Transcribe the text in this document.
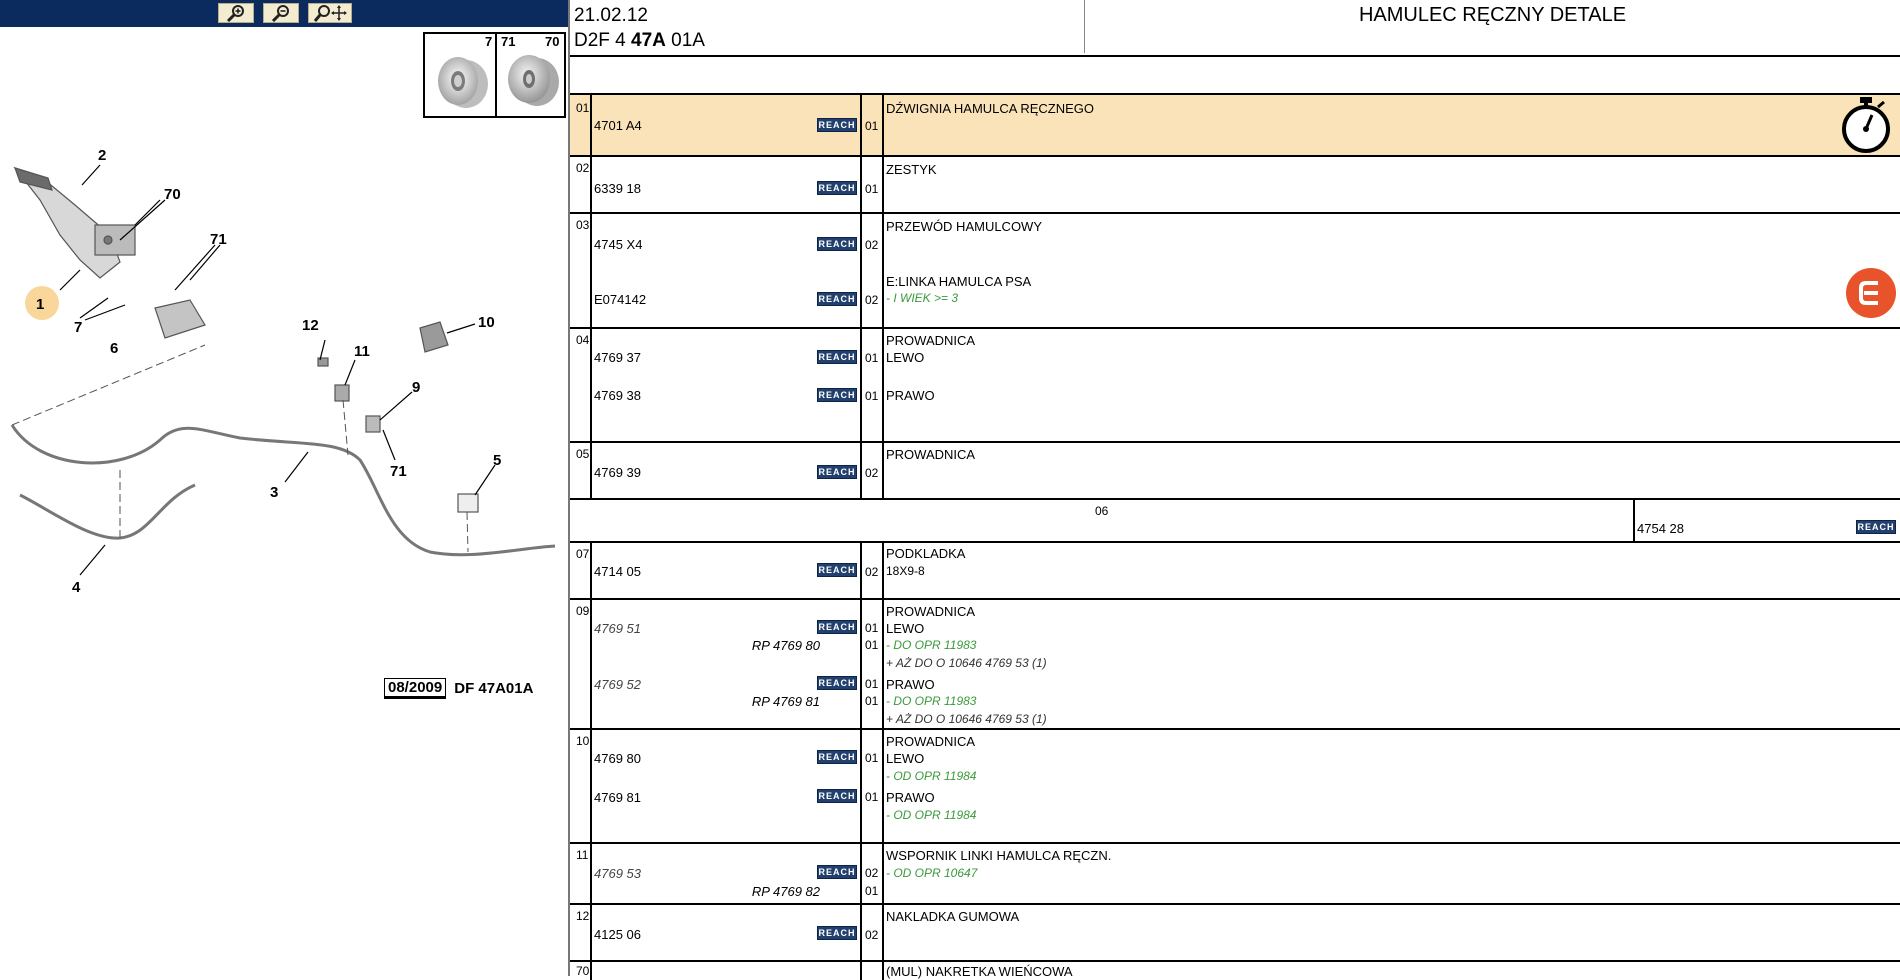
7 71 70
1
2
3
4
5
6
7
9
10
11
12
70
71
71
08/2009 DF 47A01A
21.02.12
D2F 4 47A 01A
HAMULEC RĘCZNY DETALE
01
4701 A4	REACH 01
DŹWIGNIA HAMULCA RĘCZNEGO
02
6339 18	REACH 01
ZESTYK
03
4745 X4	REACH 02
PRZEWÓD HAMULCOWY
E074142	REACH 02
E:LINKA HAMULCA PSA
- I WIEK >= 3
04	PROWADNICA
4769 37	REACH 01 LEWO
4769 38	REACH 01 PRAWO
05
4769 39	REACH 02
PROWADNICA
06
4754 28	REACH
07
4714 05	REACH 02
PODKLADKA
18X9-8
09	PROWADNICA
4769 51	REACH 01 LEWO
RP 4769 80	01 - DO OPR 11983
+ AŻ DO O 10646 4769 53 (1)
4769 52	REACH 01 PRAWO
RP 4769 81	01 - DO OPR 11983
+ AŻ DO O 10646 4769 53 (1)
10	PROWADNICA
4769 80	REACH 01 LEWO
- OD OPR 11984
4769 81	REACH 01 PRAWO
- OD OPR 11984
11
4769 53	REACH 02
WSPORNIK LINKI HAMULCA RĘCZN.
- OD OPR 10647
RP 4769 82	01
12
4125 06	REACH 02
NAKLADKA GUMOWA
70	(MUL) NAKRETKA WIEŃCOWA
